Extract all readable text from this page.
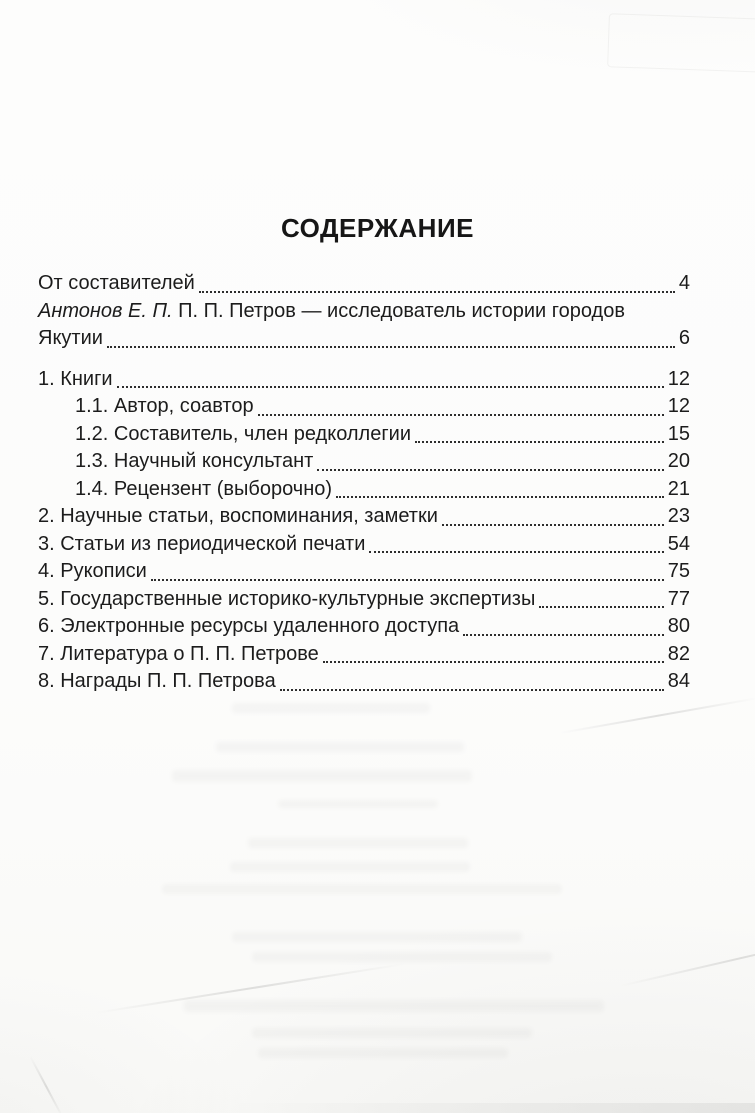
СОДЕРЖАНИЕ
От составителей	4
Антонов Е. П. П. П. Петров — исследователь истории городов
Якутии	6
1. Книги	12
1.1. Автор, соавтор	12
1.2. Составитель, член редколлегии	15
1.3. Научный консультант	20
1.4. Рецензент (выборочно)	21
2. Научные статьи, воспоминания, заметки	23
3. Статьи из периодической печати	54
4. Рукописи	75
5. Государственные историко-культурные экспертизы	77
6. Электронные ресурсы удаленного доступа	80
7. Литература о П. П. Петрове	82
8. Награды П. П. Петрова	84
